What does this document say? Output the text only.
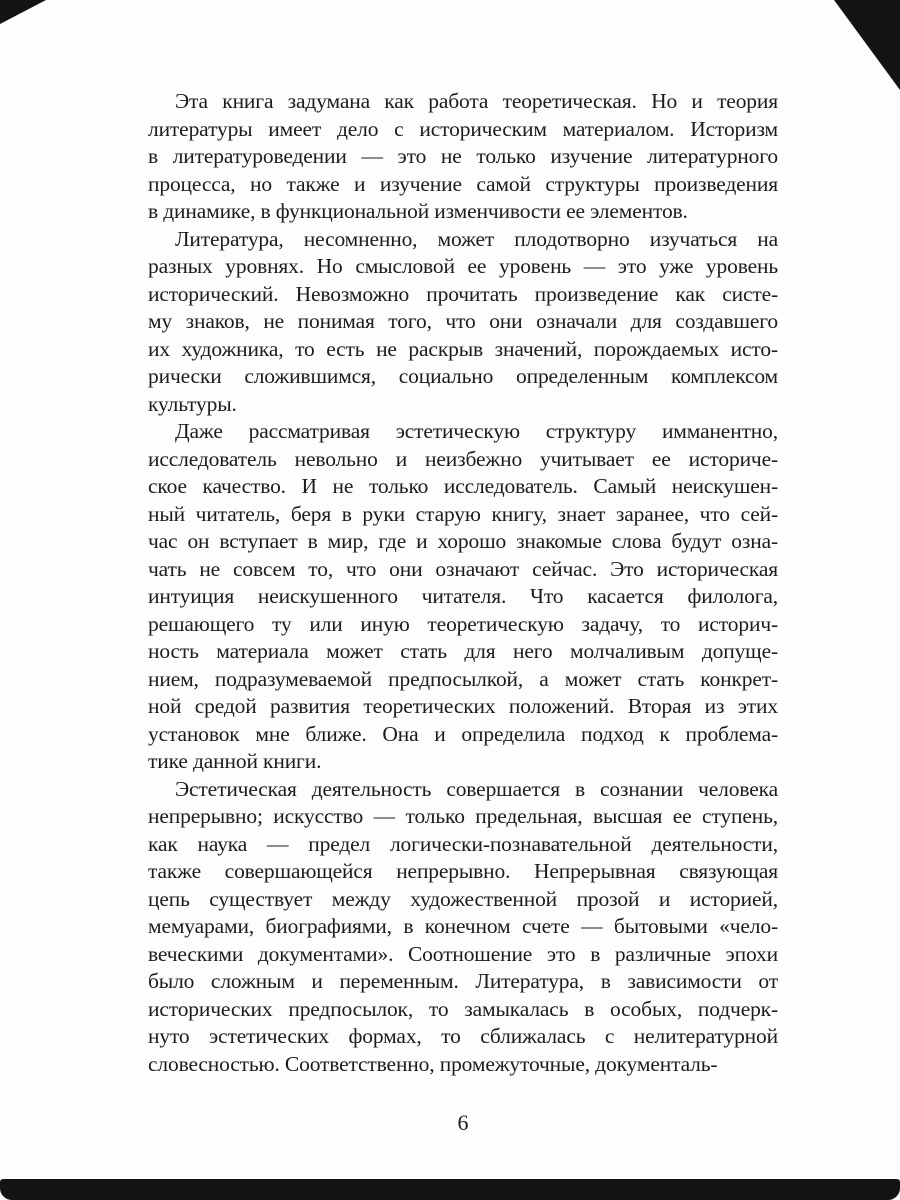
Эта книга задумана как работа теоретическая. Но и теория
литературы имеет дело с историческим материалом. Историзм
в литературоведении — это не только изучение литературного
процесса, но также и изучение самой структуры произведения
в динамике, в функциональной изменчивости ее элементов.
Литература, несомненно, может плодотворно изучаться на
разных уровнях. Но смысловой ее уровень — это уже уровень
исторический. Невозможно прочитать произведение как систе-
му знаков, не понимая того, что они означали для создавшего
их художника, то есть не раскрыв значений, порождаемых исто-
рически сложившимся, социально определенным комплексом
культуры.
Даже рассматривая эстетическую структуру имманентно,
исследователь невольно и неизбежно учитывает ее историче-
ское качество. И не только исследователь. Самый неискушен-
ный читатель, беря в руки старую книгу, знает заранее, что сей-
час он вступает в мир, где и хорошо знакомые слова будут озна-
чать не совсем то, что они означают сейчас. Это историческая
интуиция неискушенного читателя. Что касается филолога,
решающего ту или иную теоретическую задачу, то историч-
ность материала может стать для него молчаливым допуще-
нием, подразумеваемой предпосылкой, а может стать конкрет-
ной средой развития теоретических положений. Вторая из этих
установок мне ближе. Она и определила подход к проблема-
тике данной книги.
Эстетическая деятельность совершается в сознании человека
непрерывно; искусство — только предельная, высшая ее ступень,
как наука — предел логически-познавательной деятельности,
также совершающейся непрерывно. Непрерывная связующая
цепь существует между художественной прозой и историей,
мемуарами, биографиями, в конечном счете — бытовыми «чело-
веческими документами». Соотношение это в различные эпохи
было сложным и переменным. Литература, в зависимости от
исторических предпосылок, то замыкалась в особых, подчерк-
нуто эстетических формах, то сближалась с нелитературной
словесностью. Соответственно, промежуточные, документаль-
6
